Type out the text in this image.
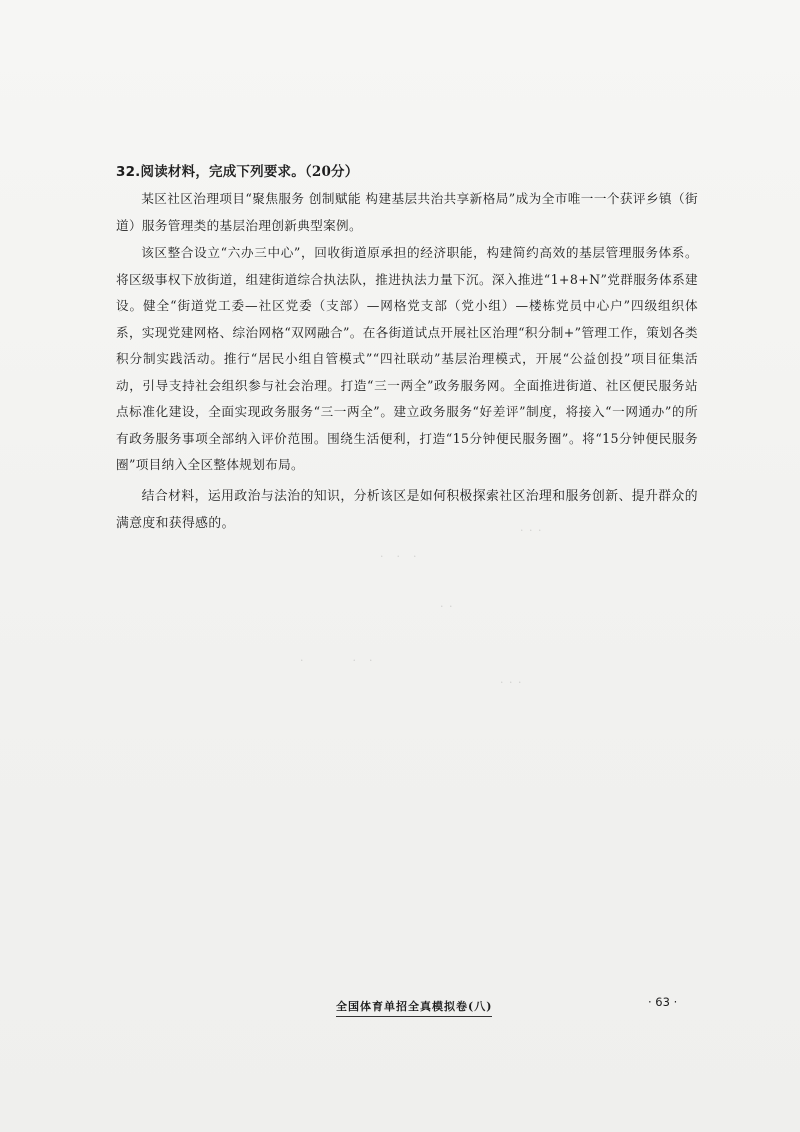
32.阅读材料，完成下列要求。（20分）

某区社区治理项目“聚焦服务 创制赋能 构建基层共治共享新格局”成为全市唯一一个获评乡镇（街道）服务管理类的基层治理创新典型案例。

该区整合设立“六办三中心”，回收街道原承担的经济职能，构建简约高效的基层管理服务体系。将区级事权下放街道，组建街道综合执法队，推进执法力量下沉。深入推进“1+8+N”党群服务体系建设。健全“街道党工委—社区党委（支部）—网格党支部（党小组）—楼栋党员中心户”四级组织体系，实现党建网格、综治网格“双网融合”。在各街道试点开展社区治理“积分制+”管理工作，策划各类积分制实践活动。推行“居民小组自管模式”“四社联动”基层治理模式，开展“公益创投”项目征集活动，引导支持社会组织参与社会治理。打造“三一两全”政务服务网。全面推进街道、社区便民服务站点标准化建设，全面实现政务服务“三一两全”。建立政务服务“好差评”制度，将接入“一网通办”的所有政务服务事项全部纳入评价范围。围绕生活便利，打造“15分钟便民服务圈”。将“15分钟便民服务圈”项目纳入全区整体规划布局。

结合材料，运用政治与法治的知识，分析该区是如何积极探索社区治理和服务创新、提升群众的满意度和获得感的。	· · ·
·　·　·
· ·
·　　　　·　·
· · ·
全国体育单招全真模拟卷(八)	· 63 ·
